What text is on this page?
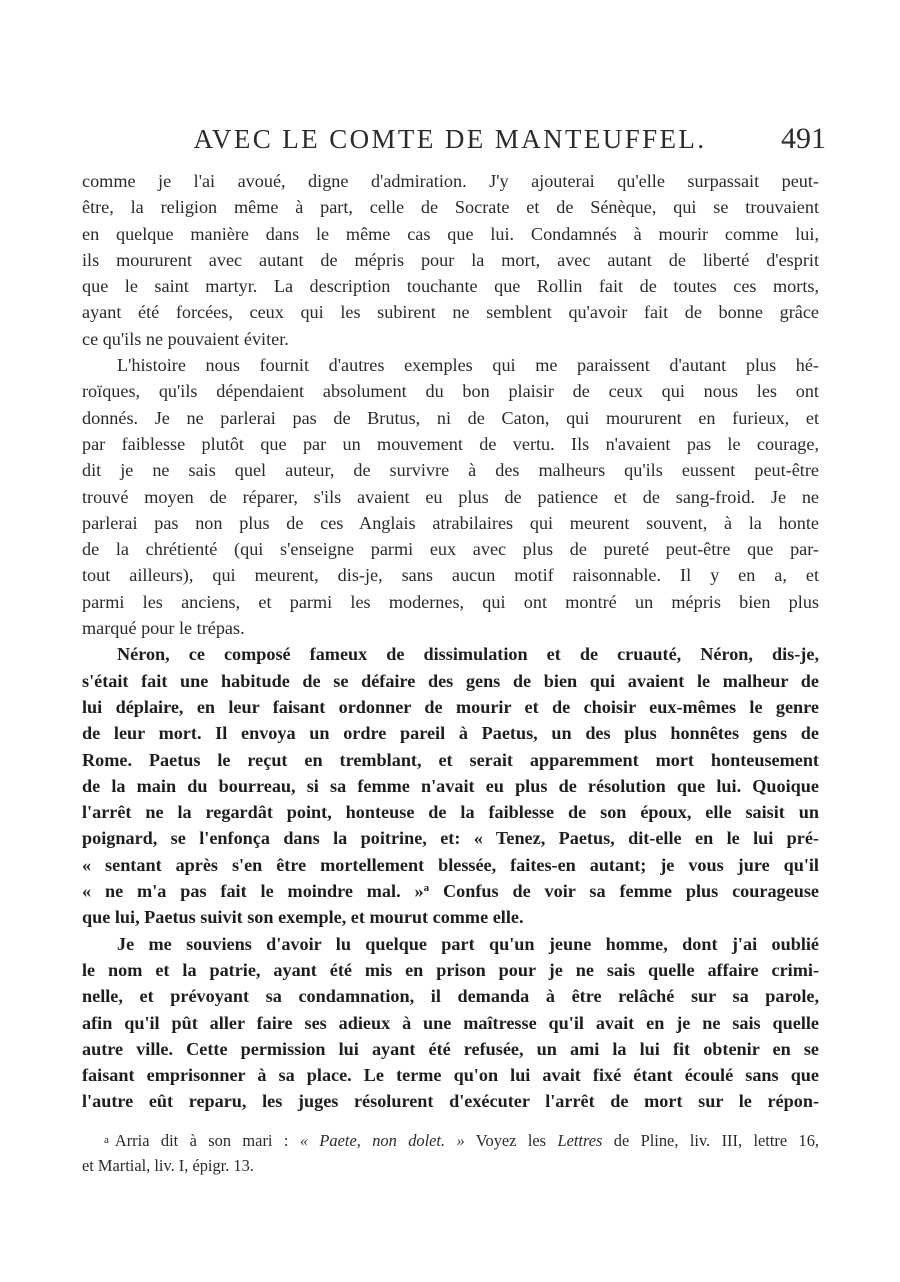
AVEC LE COMTE DE MANTEUFFEL.	491
comme je l'ai avoué, digne d'admiration. J'y ajouterai qu'elle surpassait peut-
être, la religion même à part, celle de Socrate et de Sénèque, qui se trouvaient
en quelque manière dans le même cas que lui. Condamnés à mourir comme lui,
ils moururent avec autant de mépris pour la mort, avec autant de liberté d'esprit
que le saint martyr. La description touchante que Rollin fait de toutes ces morts,
ayant été forcées, ceux qui les subirent ne semblent qu'avoir fait de bonne grâce
ce qu'ils ne pouvaient éviter.
L'histoire nous fournit d'autres exemples qui me paraissent d'autant plus hé-
roïques, qu'ils dépendaient absolument du bon plaisir de ceux qui nous les ont
donnés. Je ne parlerai pas de Brutus, ni de Caton, qui moururent en furieux, et
par faiblesse plutôt que par un mouvement de vertu. Ils n'avaient pas le courage,
dit je ne sais quel auteur, de survivre à des malheurs qu'ils eussent peut-être
trouvé moyen de réparer, s'ils avaient eu plus de patience et de sang-froid. Je ne
parlerai pas non plus de ces Anglais atrabilaires qui meurent souvent, à la honte
de la chrétienté (qui s'enseigne parmi eux avec plus de pureté peut-être que par-
tout ailleurs), qui meurent, dis-je, sans aucun motif raisonnable. Il y en a, et
parmi les anciens, et parmi les modernes, qui ont montré un mépris bien plus
marqué pour le trépas.
Néron, ce composé fameux de dissimulation et de cruauté, Néron, dis-je,
s'était fait une habitude de se défaire des gens de bien qui avaient le malheur de
lui déplaire, en leur faisant ordonner de mourir et de choisir eux-mêmes le genre
de leur mort. Il envoya un ordre pareil à Paetus, un des plus honnêtes gens de
Rome. Paetus le reçut en tremblant, et serait apparemment mort honteusement
de la main du bourreau, si sa femme n'avait eu plus de résolution que lui. Quoique
l'arrêt ne la regardât point, honteuse de la faiblesse de son époux, elle saisit un
poignard, se l'enfonça dans la poitrine, et: « Tenez, Paetus, dit-elle en le lui pré-
« sentant après s'en être mortellement blessée, faites-en autant; je vous jure qu'il
« ne m'a pas fait le moindre mal. »$^a$ Confus de voir sa femme plus courageuse
que lui, Paetus suivit son exemple, et mourut comme elle.
Je me souviens d'avoir lu quelque part qu'un jeune homme, dont j'ai oublié
le nom et la patrie, ayant été mis en prison pour je ne sais quelle affaire crimi-
nelle, et prévoyant sa condamnation, il demanda à être relâché sur sa parole,
afin qu'il pût aller faire ses adieux à une maîtresse qu'il avait en je ne sais quelle
autre ville. Cette permission lui ayant été refusée, un ami la lui fit obtenir en se
faisant emprisonner à sa place. Le terme qu'on lui avait fixé étant écoulé sans que
l'autre eût reparu, les juges résolurent d'exécuter l'arrêt de mort sur le répon-
a Arria dit à son mari : « Paete, non dolet. » Voyez les Lettres de Pline, liv. III, lettre 16,
et Martial, liv. I, épigr. 13.
